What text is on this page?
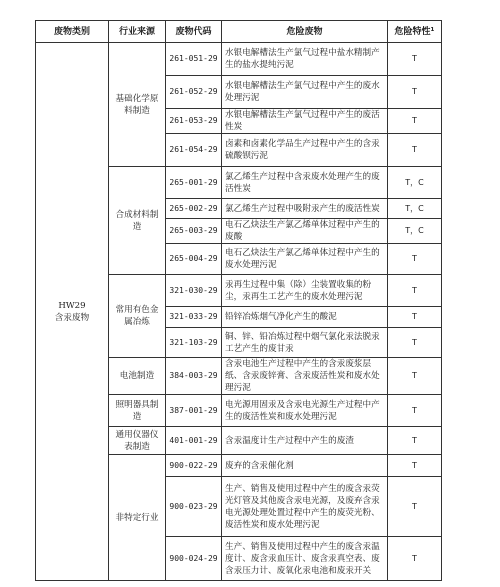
废物类别	行业来源	废物代码	危险废物	危险特性¹
HW29
含汞废物	基础化学原料制造	261-051-29	水银电解槽法生产氯气过程中盐水精制产生的盐水提纯污泥	T
		261-052-29	水银电解槽法生产氯气过程中产生的废水处理污泥	T
		261-053-29	水银电解槽法生产氯气过程中产生的废活性炭	T
		261-054-29	卤素和卤素化学品生产过程中产生的含汞硫酸钡污泥	T
	合成材料制造	265-001-29	氯乙烯生产过程中含汞废水处理产生的废活性炭	T，C
		265-002-29	氯乙烯生产过程中吸附汞产生的废活性炭	T，C
		265-003-29	电石乙炔法生产氯乙烯单体过程中产生的废酸	T，C
		265-004-29	电石乙炔法生产氯乙烯单体过程中产生的废水处理污泥	T
	常用有色金属冶炼	321-030-29	汞再生过程中集（除）尘装置收集的粉尘，汞再生工艺产生的废水处理污泥	T
		321-033-29	铅锌冶炼烟气净化产生的酸泥	T
		321-103-29	铜、锌、铅冶炼过程中烟气氯化汞法脱汞工艺产生的废甘汞	T
	电池制造	384-003-29	含汞电池生产过程中产生的含汞废浆层纸、含汞废锌膏、含汞废活性炭和废水处理污泥	T
	照明器具制造	387-001-29	电光源用固汞及含汞电光源生产过程中产生的废活性炭和废水处理污泥	T
	通用仪器仪表制造	401-001-29	含汞温度计生产过程中产生的废渣	T
	非特定行业	900-022-29	废弃的含汞催化剂	T
		900-023-29	生产、销售及使用过程中产生的废含汞荧光灯管及其他废含汞电光源，及废弃含汞电光源处理处置过程中产生的废荧光粉、废活性炭和废水处理污泥	T
		900-024-29	生产、销售及使用过程中产生的废含汞温度计、废含汞血压计、废含汞真空表、废含汞压力计、废氧化汞电池和废汞开关	T
